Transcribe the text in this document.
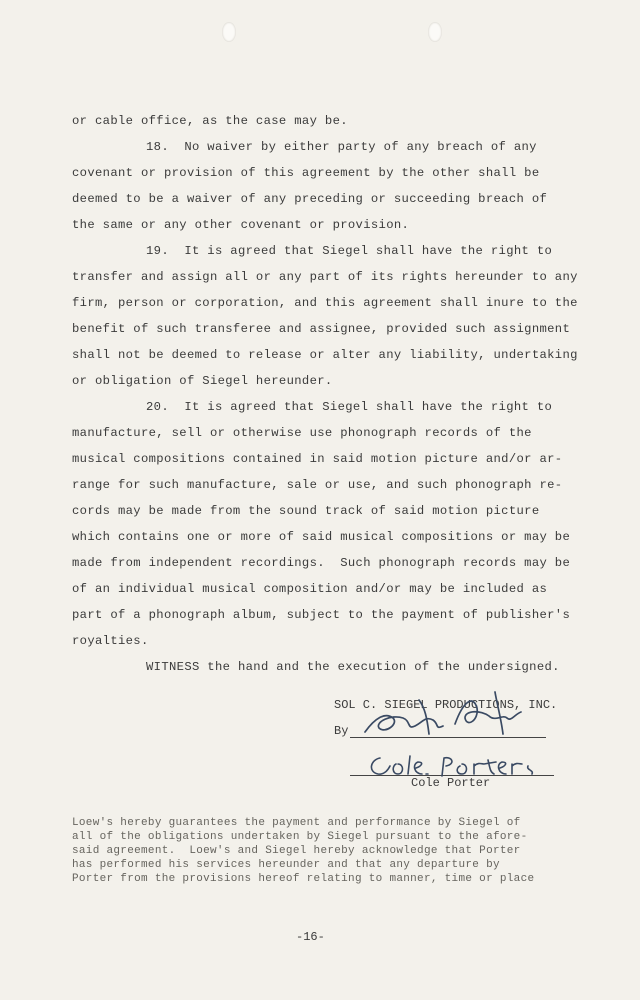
or cable office, as the case may be.
18.  No waiver by either party of any breach of any
covenant or provision of this agreement by the other shall be
deemed to be a waiver of any preceding or succeeding breach of
the same or any other covenant or provision.
19.  It is agreed that Siegel shall have the right to
transfer and assign all or any part of its rights hereunder to any
firm, person or corporation, and this agreement shall inure to the
benefit of such transferee and assignee, provided such assignment
shall not be deemed to release or alter any liability, undertaking
or obligation of Siegel hereunder.
20.  It is agreed that Siegel shall have the right to
manufacture, sell or otherwise use phonograph records of the
musical compositions contained in said motion picture and/or ar-
range for such manufacture, sale or use, and such phonograph re-
cords may be made from the sound track of said motion picture
which contains one or more of said musical compositions or may be
made from independent recordings.  Such phonograph records may be
of an individual musical composition and/or may be included as
part of a phonograph album, subject to the payment of publisher's
royalties.
WITNESS the hand and the execution of the undersigned.
SOL C. SIEGEL PRODUCTIONS, INC.
By
Cole Porter
Loew's hereby guarantees the payment and performance by Siegel of
all of the obligations undertaken by Siegel pursuant to the afore-
said agreement.  Loew's and Siegel hereby acknowledge that Porter
has performed his services hereunder and that any departure by
Porter from the provisions hereof relating to manner, time or place
-16-
